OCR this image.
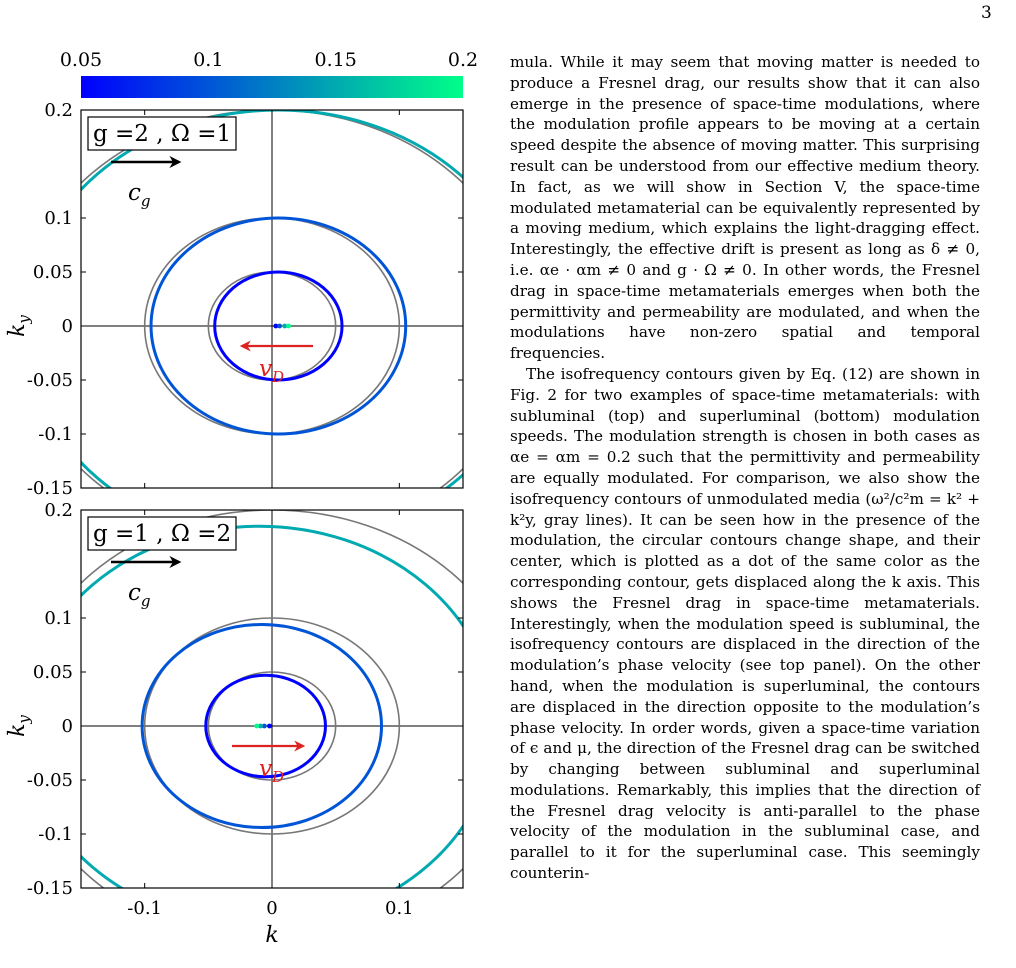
3
0.05	0.1	0.15	0.2
0.2
0.1
0.05
0
-0.05
-0.1
-0.15
$k_y$
g =2 , Ω =1
$c_g$
$v_D$
0.2
0.1
0.05
0
-0.05
-0.1
-0.15
-0.1	0	0.1
$k_y$
g =1 , Ω =2
$c_g$
$v_D$
k

mula. While it may seem that moving matter is needed to produce a Fresnel drag, our results show that it can also emerge in the presence of space-time modulations, where the modulation profile appears to be moving at a certain speed despite the absence of moving matter. This surprising result can be understood from our effective medium theory. In fact, as we will show in Section V, the space-time modulated metamaterial can be equivalently represented by a moving medium, which explains the light-dragging effect. Interestingly, the effective drift is present as long as δ ≠ 0, i.e. αe · αm ≠ 0 and g · Ω ≠ 0. In other words, the Fresnel drag in space-time metamaterials emerges when both the permittivity and permeability are modulated, and when the modulations have non-zero spatial and temporal frequencies.

The isofrequency contours given by Eq. (12) are shown in Fig. 2 for two examples of space-time metamaterials: with subluminal (top) and superluminal (bottom) modulation speeds. The modulation strength is chosen in both cases as αe = αm = 0.2 such that the permittivity and permeability are equally modulated. For comparison, we also show the isofrequency contours of unmodulated media (ω²/c²m = k² + k²y, gray lines). It can be seen how in the presence of the modulation, the circular contours change shape, and their center, which is plotted as a dot of the same color as the corresponding contour, gets displaced along the k axis. This shows the Fresnel drag in space-time metamaterials. Interestingly, when the modulation speed is subluminal, the isofrequency contours are displaced in the direction of the modulation’s phase velocity (see top panel). On the other hand, when the modulation is superluminal, the contours are displaced in the direction opposite to the modulation’s phase velocity. In order words, given a space-time variation of ϵ and μ, the direction of the Fresnel drag can be switched by changing between subluminal and superluminal modulations. Remarkably, this implies that the direction of the Fresnel drag velocity is anti-parallel to the phase velocity of the modulation in the subluminal case, and parallel to it for the superluminal case. This seemingly counterin-
